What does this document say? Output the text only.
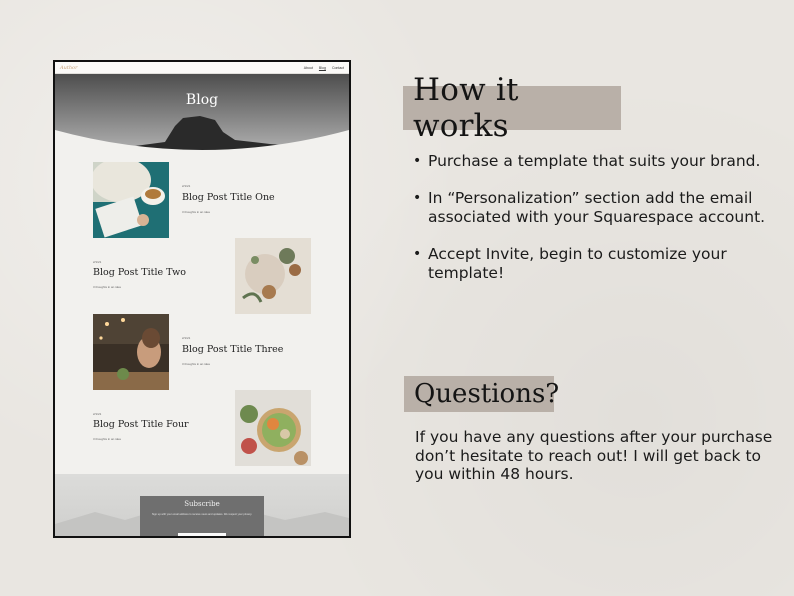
Author	About Blog Contact
Blog
2/1/21
Blog Post Title One
3 thoughts in an idea
2/1/21
Blog Post Title Two
3 thoughts in an idea
2/1/21
Blog Post Title Three
3 thoughts in an idea
2/1/21
Blog Post Title Four
3 thoughts in an idea
Subscribe
Sign up with your email address to receive news and updates. We respect your privacy.
How it works
• Purchase a template that suits your brand.
• In “Personalization” section add the email associated with your Squarespace account.
• Accept Invite, begin to customize your template!
Questions?
If you have any questions after your purchase don’t hesitate to reach out! I will get back to you within 48 hours.
